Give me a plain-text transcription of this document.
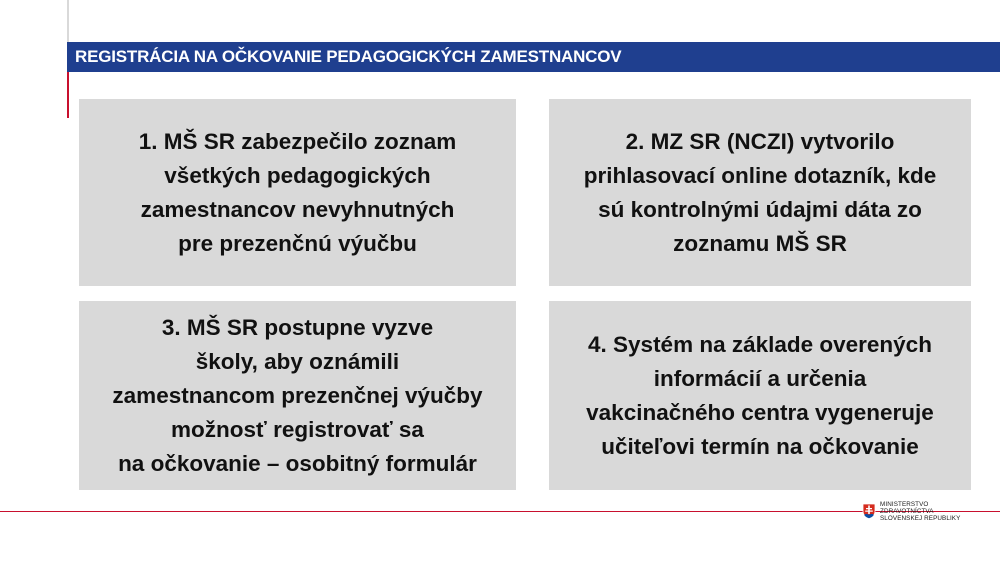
REGISTRÁCIA NA OČKOVANIE PEDAGOGICKÝCH ZAMESTNANCOV
1. MŠ SR zabezpečilo zoznam
všetkých pedagogických
zamestnancov nevyhnutných
pre prezenčnú výučbu
2. MZ SR (NCZI) vytvorilo
prihlasovací online dotazník, kde
sú kontrolnými údajmi dáta zo
zoznamu MŠ SR
3. MŠ SR postupne vyzve
školy, aby oznámili
zamestnancom prezenčnej výučby
možnosť registrovať sa
na očkovanie – osobitný formulár
4. Systém na základe overených
informácií a určenia
vakcinačného centra vygeneruje
učiteľovi termín na očkovanie
MINISTERSTVO
ZDRAVOTNÍCTVA
SLOVENSKEJ REPUBLIKY
